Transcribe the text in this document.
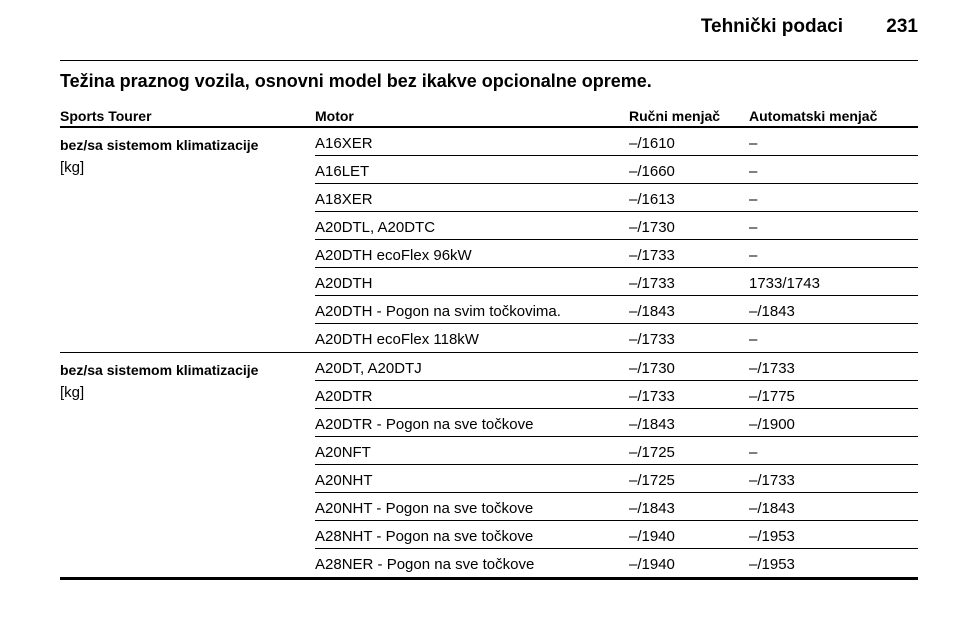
Tehnički podaci 231
Težina praznog vozila, osnovni model bez ikakve opcionalne opreme.
Sports Tourer	Motor	Ručni menjač Automatski menjač
bez/sa sistemom klimatizacije
[kg]
A16XER	–/1610	–
A16LET	–/1660	–
A18XER	–/1613	–
A20DTL, A20DTC	–/1730	–
A20DTH ecoFlex 96kW	–/1733	–
A20DTH	–/1733	1733/1743
A20DTH - Pogon na svim točkovima.	–/1843	–/1843
A20DTH ecoFlex 118kW	–/1733	–
bez/sa sistemom klimatizacije
[kg]
A20DT, A20DTJ	–/1730	–/1733
A20DTR	–/1733	–/1775
A20DTR - Pogon na sve točkove	–/1843	–/1900
A20NFT	–/1725	–
A20NHT	–/1725	–/1733
A20NHT - Pogon na sve točkove	–/1843	–/1843
A28NHT - Pogon na sve točkove	–/1940	–/1953
A28NER - Pogon na sve točkove	–/1940	–/1953
